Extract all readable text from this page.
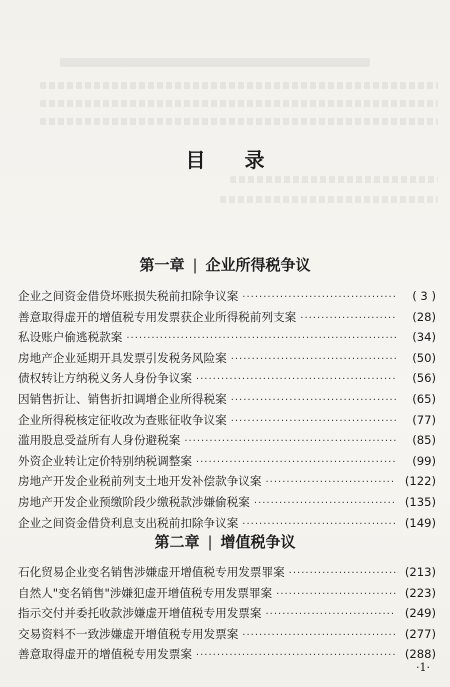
目 录
第一章 | 企业所得税争议
企业之间资金借贷坏账损失税前扣除争议案 ·····	( 3 )
善意取得虚开的增值税专用发票获企业所得税前列支案 ·····	(28)
私设账户偷逃税款案 ·····	(34)
房地产企业延期开具发票引发税务风险案 ·····	(50)
债权转让方纳税义务人身份争议案 ·····	(56)
因销售折让、销售折扣调增企业所得税案 ·····	(65)
企业所得税核定征收改为查账征收争议案 ·····	(77)
滥用股息受益所有人身份避税案 ·····	(85)
外资企业转让定价特别纳税调整案 ·····	(99)
房地产开发企业税前列支土地开发补偿款争议案 ·····	(122)
房地产开发企业预缴阶段少缴税款涉嫌偷税案 ·····	(135)
企业之间资金借贷利息支出税前扣除争议案 ·····	(149)
第二章 | 增值税争议
石化贸易企业变名销售涉嫌虚开增值税专用发票罪案 ·····	(213)
自然人"变名销售"涉嫌犯虚开增值税专用发票罪案 ·····	(223)
指示交付并委托收款涉嫌虚开增值税专用发票案 ·····	(249)
交易资料不一致涉嫌虚开增值税专用发票案 ·····	(277)
善意取得虚开的增值税专用发票案 ·····	(288)
·1·
